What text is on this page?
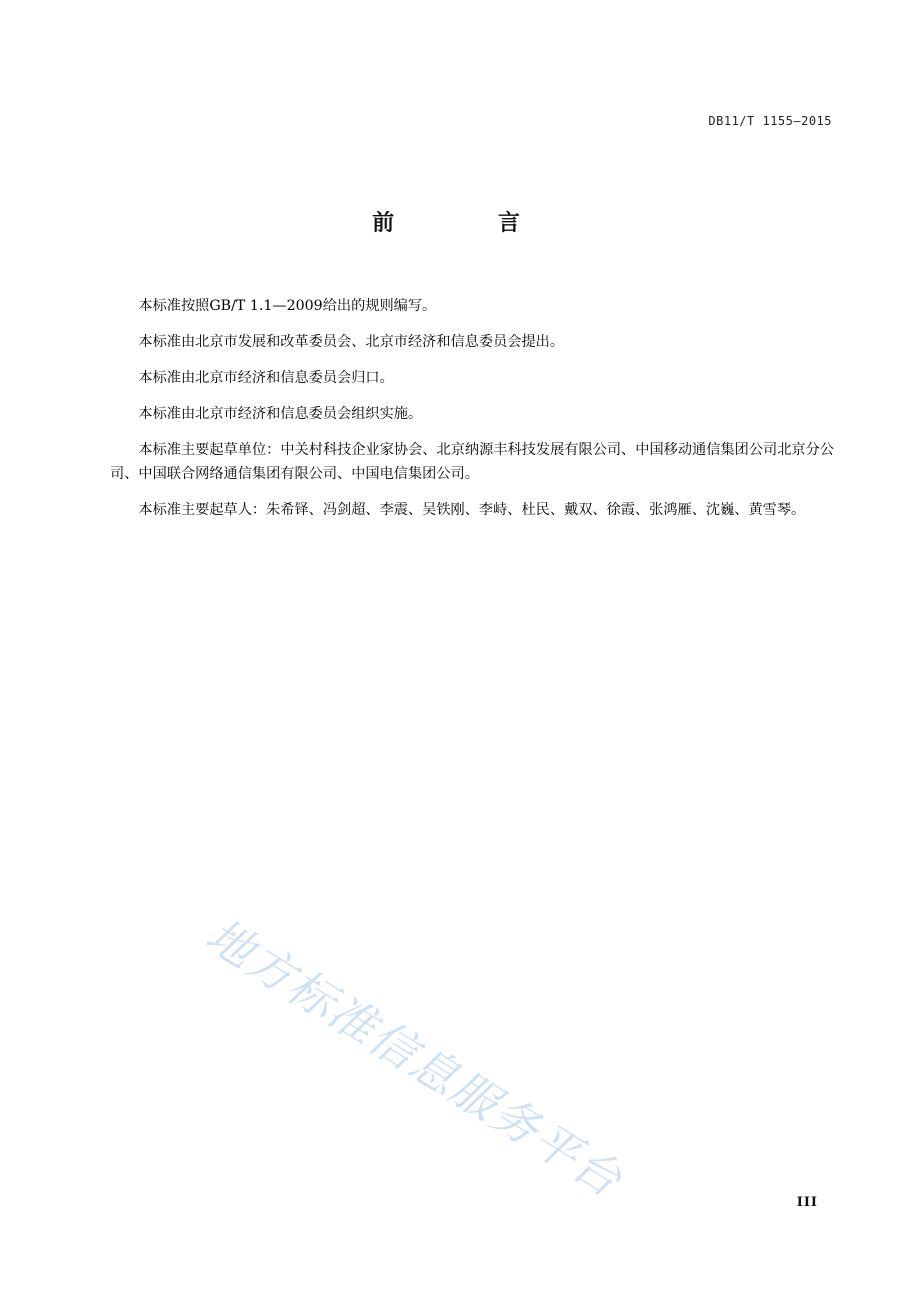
DB11/T 1155—2015
前 言

本标准按照GB/T 1.1—2009给出的规则编写。

本标准由北京市发展和改革委员会、北京市经济和信息委员会提出。

本标准由北京市经济和信息委员会归口。

本标准由北京市经济和信息委员会组织实施。

本标准主要起草单位：中关村科技企业家协会、北京纳源丰科技发展有限公司、中国移动通信集团公司北京分公司、中国联合网络通信集团有限公司、中国电信集团公司。

本标准主要起草人：朱希铎、冯剑超、李震、吴铁刚、李峙、杜民、戴双、徐霞、张鸿雁、沈巍、黄雪琴。

地方标准信息服务平台	III
